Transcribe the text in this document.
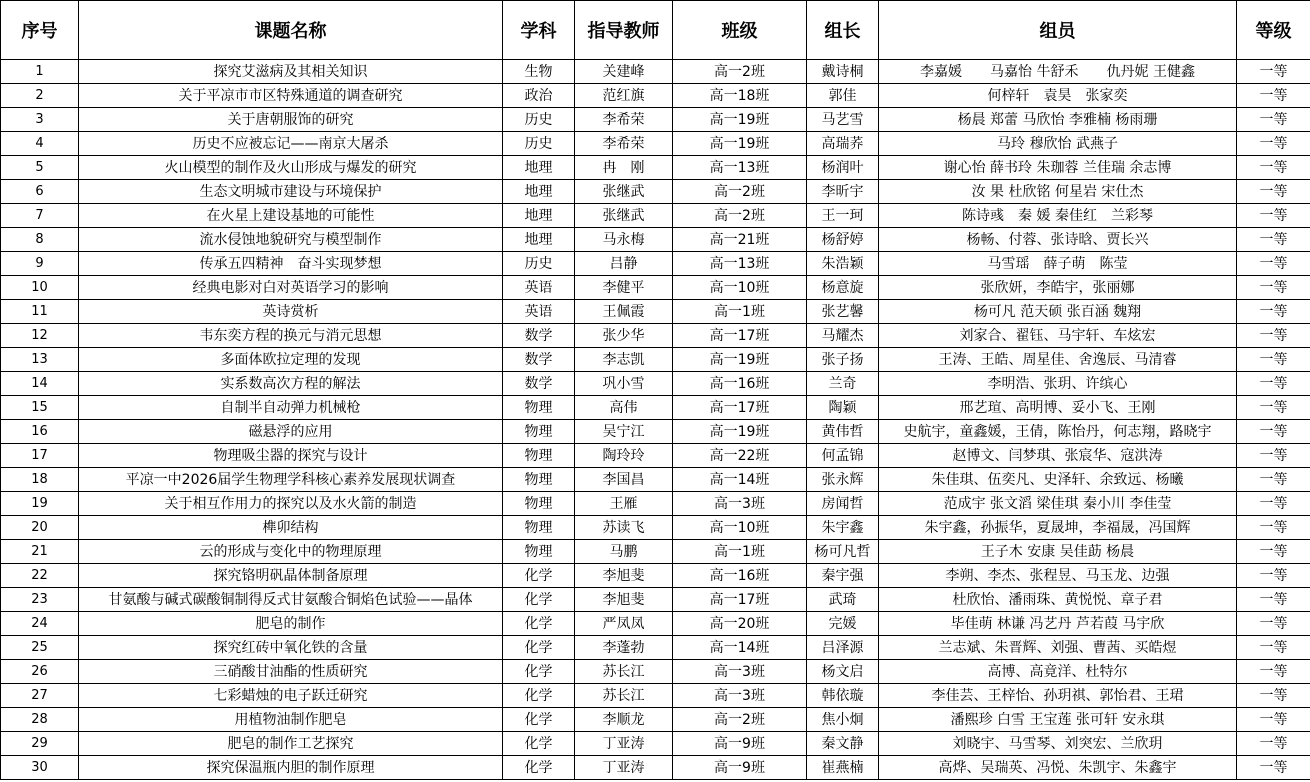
序号	课题名称	学科	指导教师	班级	组长	组员	等级
1	探究艾滋病及其相关知识	生物	关建峰	高一2班	戴诗桐	李嘉媛　　马嘉怡 牛舒禾　　仇丹妮 王健鑫	一等
2	关于平凉市市区特殊通道的调查研究	政治	范红旗	高一18班	郭佳	何梓轩　袁昊　张家奕	一等
3	关于唐朝服饰的研究	历史	李希荣	高一19班	马艺雪	杨晨 郑蕾 马欣怡 李雅楠 杨雨珊	一等
4	历史不应被忘记——南京大屠杀	历史	李希荣	高一19班	高瑞荞	马玲 穆欣怡 武燕子	一等
5	火山模型的制作及火山形成与爆发的研究	地理	冉　刚	高一13班	杨润叶	谢心怡 薛书玲 朱珈蓉 兰佳瑞 余志博	一等
6	生态文明城市建设与环境保护	地理	张继武	高一2班	李昕宇	汝 果 杜欣铭 何星岩 宋仕杰	一等
7	在火星上建设基地的可能性	地理	张继武	高一2班	王一珂	陈诗彧　秦 媛 秦佳红　兰彩琴	一等
8	流水侵蚀地貌研究与模型制作	地理	马永梅	高一21班	杨舒婷	杨畅、付蓉、张诗晗、贾长兴	一等
9	传承五四精神　奋斗实现梦想	历史	吕静	高一13班	朱浩颖	马雪瑶　薛子萌　陈莹	一等
10	经典电影对白对英语学习的影响	英语	李健平	高一10班	杨意旋	张欣妍，李皓宇，张丽娜	一等
11	英诗赏析	英语	王佩霞	高一1班	张艺馨	杨可凡 范天硕 张百涵 魏翔	一等
12	韦东奕方程的换元与消元思想	数学	张少华	高一17班	马耀杰	刘家合、翟钰、马宇轩、车炫宏	一等
13	多面体欧拉定理的发现	数学	李志凯	高一19班	张子扬	王涛、王皓、周星佳、舍逸辰、马清睿	一等
14	实系数高次方程的解法	数学	巩小雪	高一16班	兰奇	李明浩、张玥、许缤心	一等
15	自制半自动弹力机械枪	物理	高伟	高一17班	陶颖	邢艺瑄、高明博、妥小飞、王刚	一等
16	磁悬浮的应用	物理	吴宁江	高一19班	黄伟哲	史航宇，童鑫媛，王倩，陈怡丹，何志翔，路晓宇	一等
17	物理吸尘器的探究与设计	物理	陶玲玲	高一22班	何孟锦	赵博文、闫梦琪、张宸华、寇洪涛	一等
18	平凉一中2026届学生物理学科核心素养发展现状调查	物理	李国昌	高一14班	张永辉	朱佳琪、伍奕凡、史泽轩、余致远、杨曦	一等
19	关于相互作用力的探究以及水火箭的制造	物理	王雁	高一3班	房闻哲	范成宇 张文滔 梁佳琪 秦小川 李佳莹	一等
20	榫卯结构	物理	苏读飞	高一10班	朱宇鑫	朱宇鑫，孙振华，夏晟坤，李福晟，冯国辉	一等
21	云的形成与变化中的物理原理	物理	马鹏	高一1班	杨可凡哲	王子木 安康 吴佳莇 杨晨	一等
22	探究铬明矾晶体制备原理	化学	李旭斐	高一16班	秦宇强	李朔、李杰、张程昱、马玉龙、边强	一等
23	甘氨酸与碱式碳酸铜制得反式甘氨酸合铜焰色试验——晶体	化学	李旭斐	高一17班	武琦	杜欣怡、潘雨珠、黄悦悦、章子君	一等
24	肥皂的制作	化学	严凤凤	高一20班	完媛	毕佳萌 林谦 冯艺丹 芦若葭 马宇欣	一等
25	探究红砖中氧化铁的含量	化学	李蓬勃	高一14班	吕泽源	兰志斌、朱晋辉、刘强、曹茜、买皓煜	一等
26	三硝酸甘油酯的性质研究	化学	苏长江	高一3班	杨文启	高博、高竟洋、杜特尔	一等
27	七彩蜡烛的电子跃迁研究	化学	苏长江	高一3班	韩依璇	李佳芸、王梓怡、孙玥祺、郭怡君、王珺	一等
28	用植物油制作肥皂	化学	李顺龙	高一2班	焦小炯	潘熙珍 白雪 王宝莲 张可轩 安永琪	一等
29	肥皂的制作工艺探究	化学	丁亚涛	高一9班	秦文静	刘晓宇、马雪琴、刘突宏、兰欣玥	一等
30	探究保温瓶内胆的制作原理	化学	丁亚涛	高一9班	崔燕楠	高烨、吴瑞英、冯悦、朱凯宇、朱鑫宇	一等
